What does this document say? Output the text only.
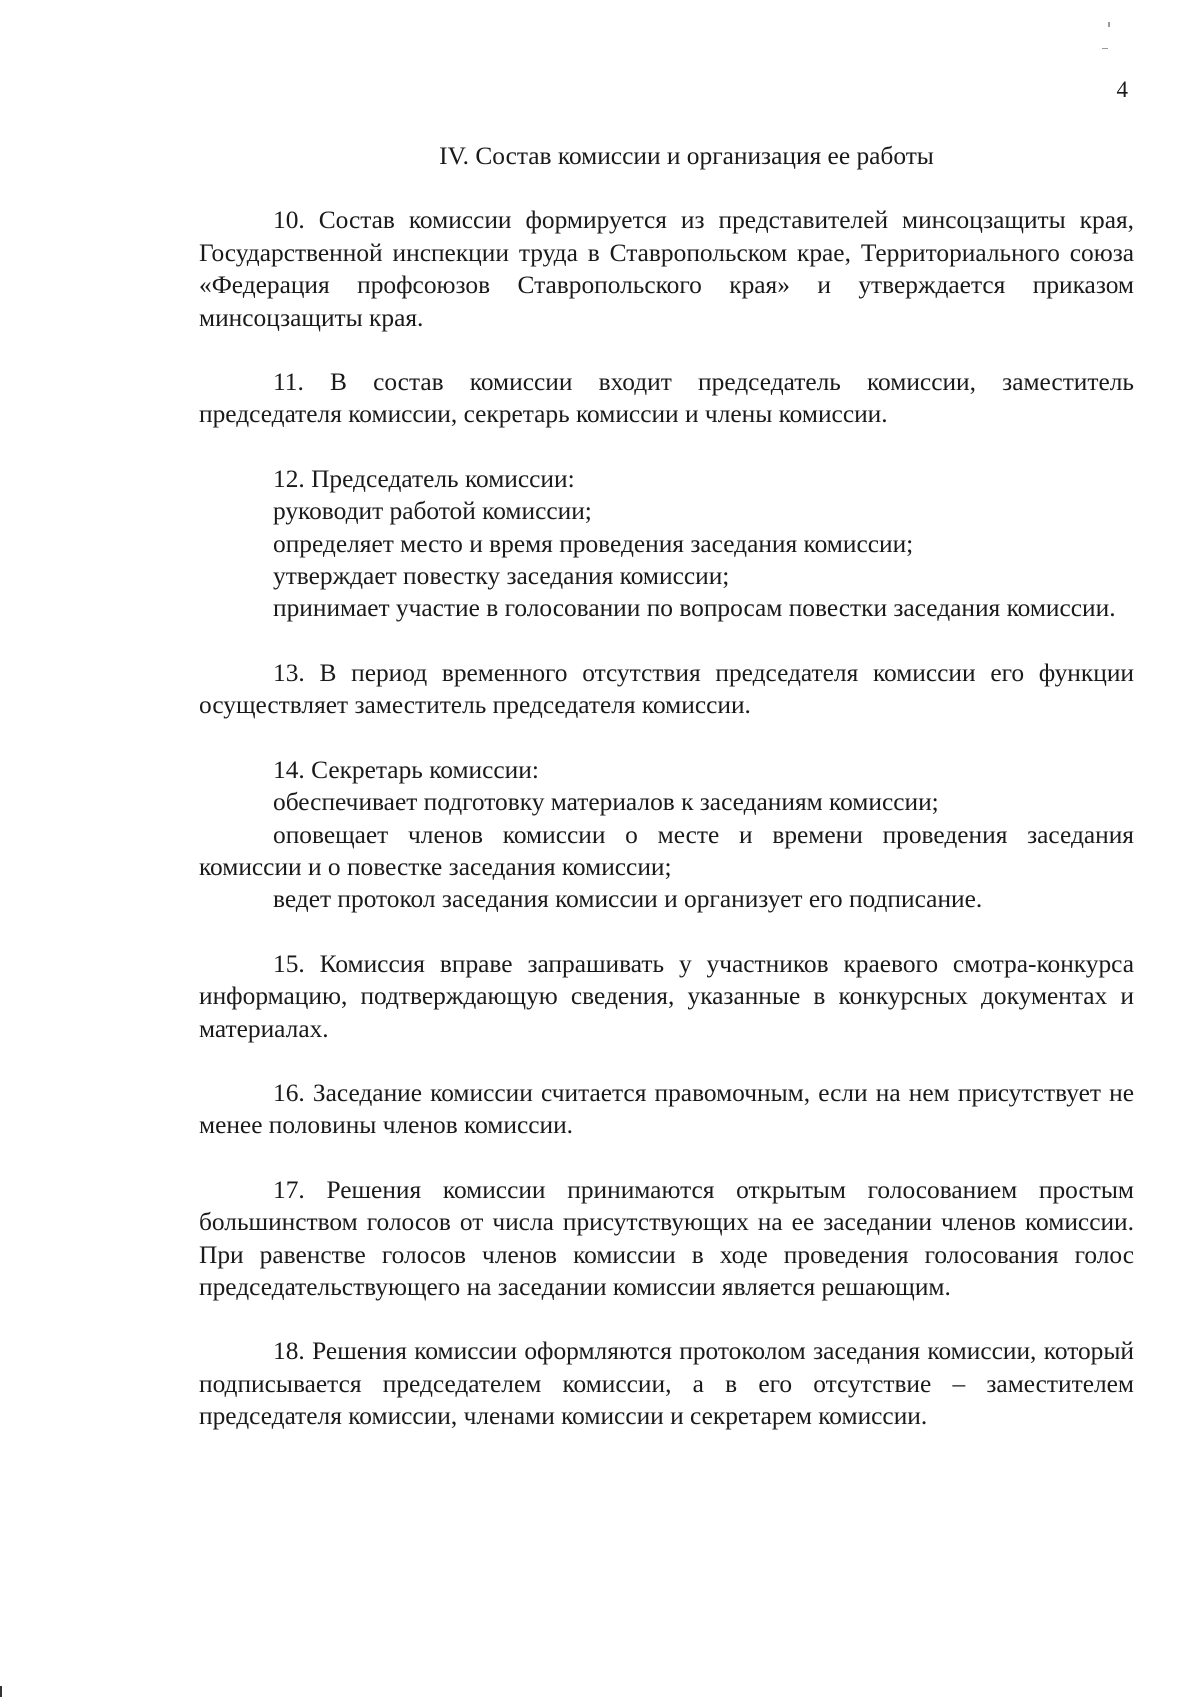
4
IV. Состав комиссии и организация ее работы

10. Состав комиссии формируется из представителей минсоцзащиты края, Государственной инспекции труда в Ставропольском крае, Территориального союза «Федерация профсоюзов Ставропольского края» и утверждается приказом минсоцзащиты края.

11. В состав комиссии входит председатель комиссии, заместитель председателя комиссии, секретарь комиссии и члены комиссии.

12. Председатель комиссии:

руководит работой комиссии;

определяет место и время проведения заседания комиссии;

утверждает повестку заседания комиссии;

принимает участие в голосовании по вопросам повестки заседания комиссии.

13. В период временного отсутствия председателя комиссии его функции осуществляет заместитель председателя комиссии.

14. Секретарь комиссии:

обеспечивает подготовку материалов к заседаниям комиссии;

оповещает членов комиссии о месте и времени проведения заседания комиссии и о повестке заседания комиссии;

ведет протокол заседания комиссии и организует его подписание.

15. Комиссия вправе запрашивать у участников краевого смотра-конкурса информацию, подтверждающую сведения, указанные в конкурсных документах и материалах.

16. Заседание комиссии считается правомочным, если на нем присутствует не менее половины членов комиссии.

17. Решения комиссии принимаются открытым голосованием простым большинством голосов от числа присутствующих на ее заседании членов комиссии. При равенстве голосов членов комиссии в ходе проведения голосования голос председательствующего на заседании комиссии является решающим.

18. Решения комиссии оформляются протоколом заседания комиссии, который подписывается председателем комиссии, а в его отсутствие – заместителем председателя комиссии, членами комиссии и секретарем комиссии.
